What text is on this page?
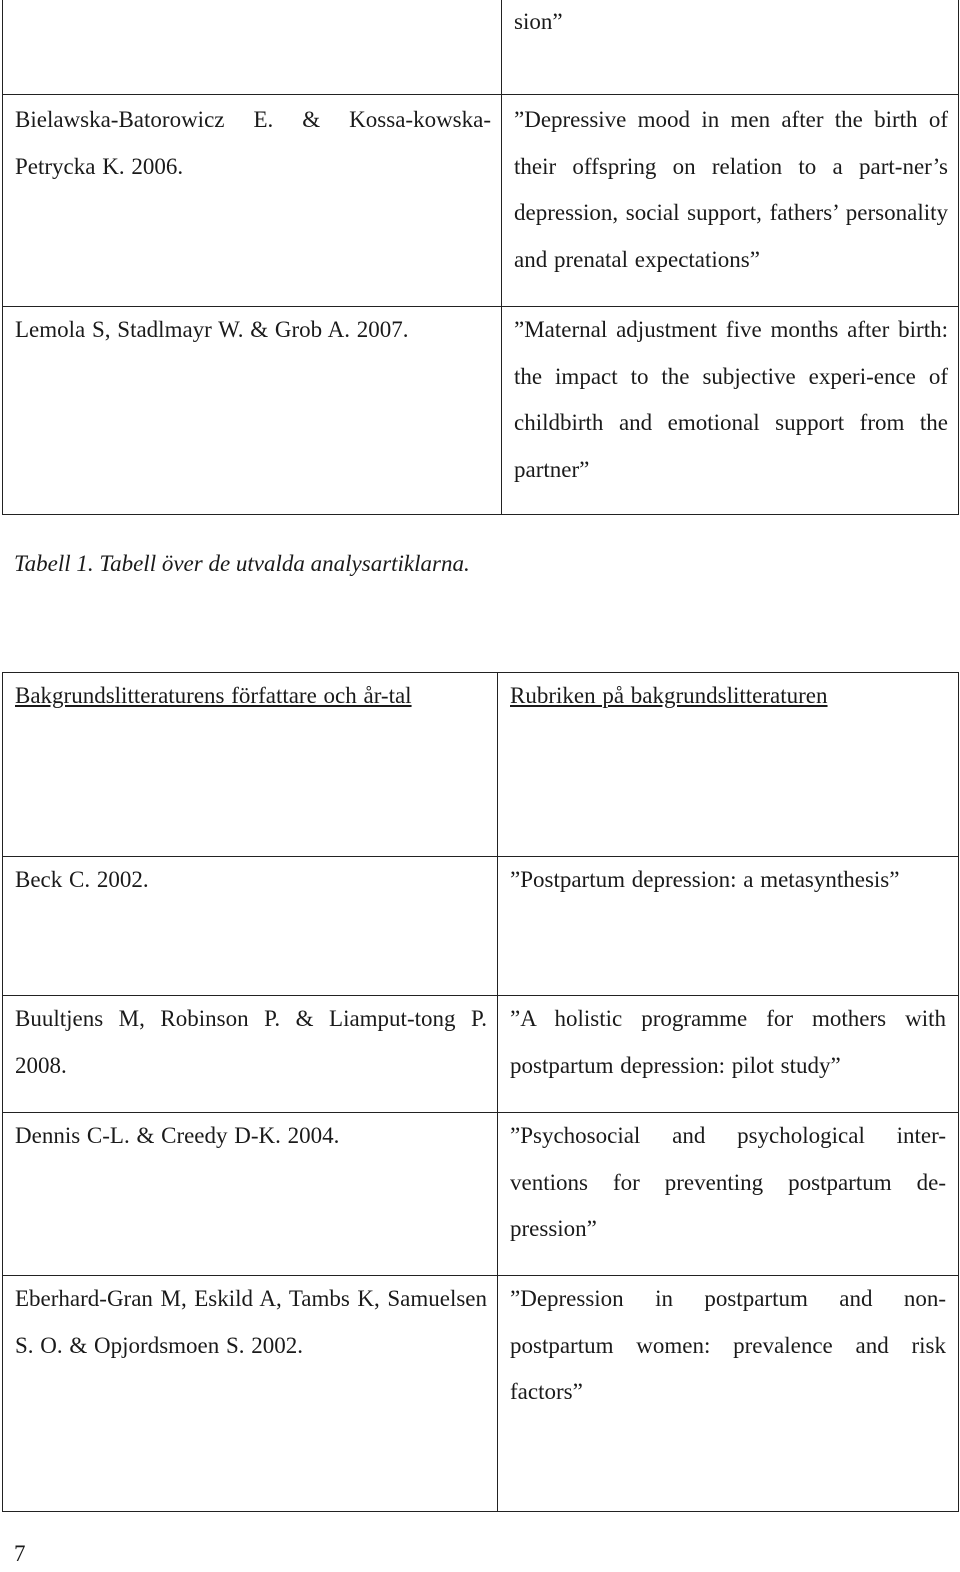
	sion”

Bielawska-Batorowicz E. & Kossa-kowska-Petrycka K. 2006.	”Depressive mood in men after the birth of their offspring on relation to a part-ner’s depression, social support, fathers’ personality and prenatal expectations”

Lemola S, Stadlmayr W. & Grob A. 2007.	”Maternal adjustment five months after birth: the impact to the subjective experi-ence of childbirth and emotional support from the partner”
Tabell 1. Tabell över de utvalda analysartiklarna.
Bakgrundslitteraturens författare och år-tal	Rubriken på bakgrundslitteraturen

Beck C. 2002.	”Postpartum depression: a metasynthesis”

Buultjens M, Robinson P. & Liamput-tong P. 2008.	”A holistic programme for mothers with postpartum depression: pilot study”

Dennis C-L. & Creedy D-K. 2004.	”Psychosocial and psychological inter-ventions for preventing postpartum de-pression”

Eberhard-Gran M, Eskild A, Tambs K, Samuelsen S. O. & Opjordsmoen S. 2002.	”Depression in postpartum and non-postpartum women: prevalence and risk factors”
7
